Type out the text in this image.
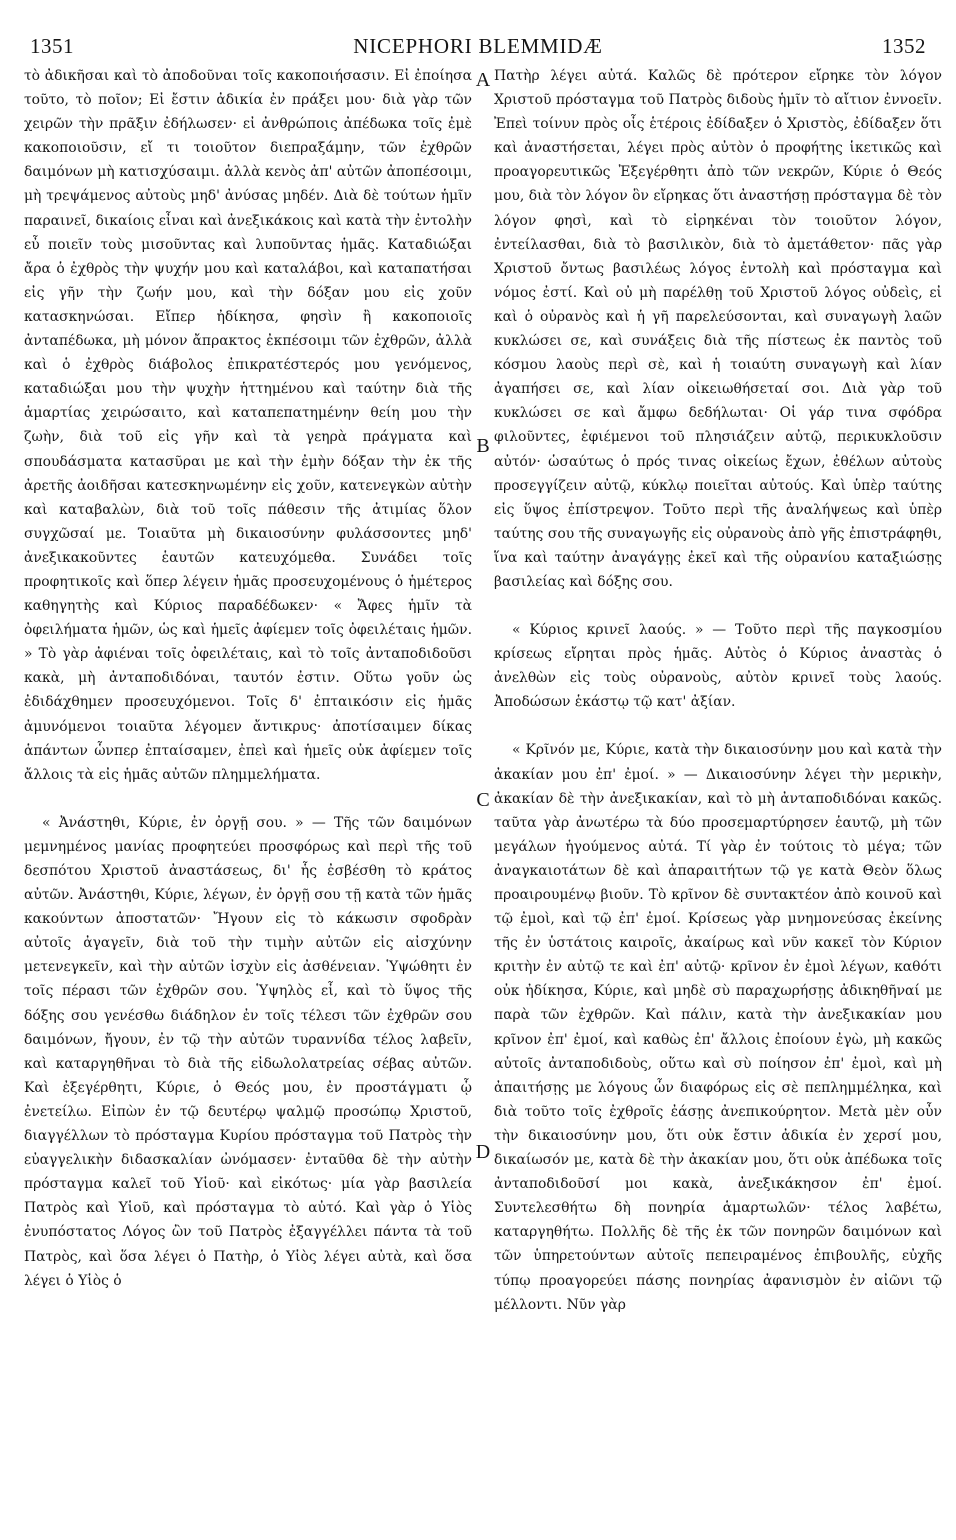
1351	NICEPHORI BLEMMIDÆ	1352

τὸ ἀδικῆσαι καὶ τὸ ἀποδοῦναι τοῖς κακοποιήσασιν. Εἰ ἐποίησα τοῦτο, τὸ ποῖον; Εἰ ἔστιν ἀδικία ἐν πράξει μου· διὰ γὰρ τῶν χειρῶν τὴν πρᾶξιν ἐδήλωσεν· εἰ ἀνθρώποις ἀπέδωκα τοῖς ἐμὲ κακοποιοῦσιν, εἴ τι τοιοῦτον διεπραξάμην, τῶν ἐχθρῶν δαιμόνων μὴ κατισχύσαιμι. ἀλλὰ κενὸς ἀπ' αὐτῶν ἀποπέσοιμι, μὴ τρεψάμενος αὐτοὺς μηδ' ἀνύσας μηδέν. Διὰ δὲ τούτων ἡμῖν παραινεῖ, δικαίοις εἶναι καὶ ἀνεξικάκοις καὶ κατὰ τὴν ἐντολὴν εὖ ποιεῖν τοὺς μισοῦντας καὶ λυποῦντας ἡμᾶς. Καταδιώξαι ἄρα ὁ ἐχθρὸς τὴν ψυχήν μου καὶ καταλάβοι, καὶ καταπατήσαι εἰς γῆν τὴν ζωήν μου, καὶ τὴν δόξαν μου εἰς χοῦν κατασκηνώσαι. Εἴπερ ἠδίκησα, φησὶν ἢ κακοποιοῖς ἀνταπέδωκα, μὴ μόνον ἄπρακτος ἐκπέσοιμι τῶν ἐχθρῶν, ἀλλὰ καὶ ὁ ἐχθρὸς διάβολος ἐπικρατέστερός μου γενόμενος, καταδιώξαι μου τὴν ψυχὴν ἡττημένου καὶ ταύτην διὰ τῆς ἁμαρτίας χειρώσαιτο, καὶ καταπεπατημένην θείη μου τὴν ζωὴν, διὰ τοῦ εἰς γῆν καὶ τὰ γεηρὰ πράγματα καὶ σπουδάσματα κατασῦραι με καὶ τὴν ἐμὴν δόξαν τὴν ἐκ τῆς ἀρετῆς ἀοιδῆσαι κατεσκηνωμένην εἰς χοῦν, κατενεγκὼν αὐτὴν καὶ καταβαλὼν, διὰ τοῦ τοῖς πάθεσιν τῆς ἀτιμίας ὅλον συγχῶσαί με. Τοιαῦτα μὴ δικαιοσύνην φυλάσσοντες μηδ' ἀνεξικακοῦντες ἑαυτῶν κατευχόμεθα. Συνάδει τοῖς προφητικοῖς καὶ ὅπερ λέγειν ἡμᾶς προσευχομένους ὁ ἡμέτερος καθηγητὴς καὶ Κύριος παραδέδωκεν· « Ἄφες ἡμῖν τὰ ὀφειλήματα ἡμῶν, ὡς καὶ ἡμεῖς ἀφίεμεν τοῖς ὀφειλέταις ἡμῶν. » Τὸ γὰρ ἀφιέναι τοῖς ὀφειλέταις, καὶ τὸ τοῖς ἀνταποδιδοῦσι κακὰ, μὴ ἀνταποδιδόναι, ταυτόν ἐστιν. Οὕτω γοῦν ὡς ἐδιδάχθημεν προσευχόμενοι. Τοῖς δ' ἐπταικόσιν εἰς ἡμᾶς ἀμυνόμενοι τοιαῦτα λέγομεν ἄντικρυς· ἀποτίσαιμεν δίκας ἁπάντων ὧνπερ ἐπταίσαμεν, ἐπεὶ καὶ ἡμεῖς οὐκ ἀφίεμεν τοῖς ἄλλοις τὰ εἰς ἡμᾶς αὐτῶν πλημμελήματα.

« Ἀνάστηθι, Κύριε, ἐν ὀργῇ σου. » — Τῆς τῶν δαιμόνων μεμνημένος μανίας προφητεύει προσφόρως καὶ περὶ τῆς τοῦ δεσπότου Χριστοῦ ἀναστάσεως, δι' ἧς ἐσβέσθη τὸ κράτος αὐτῶν. Ἀνάστηθι, Κύριε, λέγων, ἐν ὀργῇ σου τῇ κατὰ τῶν ἡμᾶς κακούντων ἀποστατῶν· Ἤγουν εἰς τὸ κάκωσιν σφοδρὰν αὐτοῖς ἀγαγεῖν, διὰ τοῦ τὴν τιμὴν αὐτῶν εἰς αἰσχύνην μετενεγκεῖν, καὶ τὴν αὐτῶν ἰσχὺν εἰς ἀσθένειαν. Ὑψώθητι ἐν τοῖς πέρασι τῶν ἐχθρῶν σου. Ὑψηλὸς εἶ, καὶ τὸ ὕψος τῆς δόξης σου γενέσθω διάδηλον ἐν τοῖς τέλεσι τῶν ἐχθρῶν σου δαιμόνων, ἤγουν, ἐν τῷ τὴν αὐτῶν τυραννίδα τέλος λαβεῖν, καὶ καταργηθῆναι τὸ διὰ τῆς εἰδωλολατρείας σέβας αὐτῶν. Καὶ ἐξεγέρθητι, Κύριε, ὁ Θεός μου, ἐν προστάγματι ᾧ ἐνετείλω. Εἰπὼν ἐν τῷ δευτέρῳ ψαλμῷ προσώπῳ Χριστοῦ, διαγγέλλων τὸ πρόσταγμα Κυρίου πρόσταγμα τοῦ Πατρὸς τὴν εὐαγγελικὴν διδασκαλίαν ὠνόμασεν· ἐνταῦθα δὲ τὴν αὐτὴν πρόσταγμα καλεῖ τοῦ Υἱοῦ· καὶ εἰκότως· μία γὰρ βασιλεία Πατρὸς καὶ Υἱοῦ, καὶ πρόσταγμα τὸ αὐτό. Καὶ γὰρ ὁ Υἱὸς ἐνυπόστατος Λόγος ὢν τοῦ Πατρὸς ἐξαγγέλλει πάντα τὰ τοῦ Πατρὸς, καὶ ὅσα λέγει ὁ Πατὴρ, ὁ Υἱὸς λέγει αὐτὰ, καὶ ὅσα λέγει ὁ Υἱὸς ὁ

A
B
C
D

Πατὴρ λέγει αὐτά. Καλῶς δὲ πρότερον εἴρηκε τὸν λόγον Χριστοῦ πρόσταγμα τοῦ Πατρὸς διδοὺς ἡμῖν τὸ αἴτιον ἐννοεῖν. Ἐπεὶ τοίνυν πρὸς οἷς ἑτέροις ἐδίδαξεν ὁ Χριστὸς, ἐδίδαξεν ὅτι καὶ ἀναστήσεται, λέγει πρὸς αὐτὸν ὁ προφήτης ἱκετικῶς καὶ προαγορευτικῶς Ἐξεγέρθητι ἀπὸ τῶν νεκρῶν, Κύριε ὁ Θεός μου, διὰ τὸν λόγον ὃν εἴρηκας ὅτι ἀναστήσῃ πρόσταγμα δὲ τὸν λόγον φησὶ, καὶ τὸ εἰρηκέναι τὸν τοιοῦτον λόγον, ἐντείλασθαι, διὰ τὸ βασιλικὸν, διὰ τὸ ἀμετάθετον· πᾶς γὰρ Χριστοῦ ὄντως βασιλέως λόγος ἐντολὴ καὶ πρόσταγμα καὶ νόμος ἐστί. Καὶ οὐ μὴ παρέλθῃ τοῦ Χριστοῦ λόγος οὐδεὶς, εἰ καὶ ὁ οὐρανὸς καὶ ἡ γῆ παρελεύσονται, καὶ συναγωγὴ λαῶν κυκλώσει σε, καὶ συνάξεις διὰ τῆς πίστεως ἐκ παντὸς τοῦ κόσμου λαοὺς περὶ σὲ, καὶ ἡ τοιαύτη συναγωγὴ καὶ λίαν ἀγαπήσει σε, καὶ λίαν οἰκειωθήσεταί σοι. Διὰ γὰρ τοῦ κυκλώσει σε καὶ ἄμφω δεδήλωται· Οἱ γάρ τινα σφόδρα φιλοῦντες, ἐφιέμενοι τοῦ πλησιάζειν αὐτῷ, περικυκλοῦσιν αὐτόν· ὡσαύτως ὁ πρός τινας οἰκείως ἔχων, ἐθέλων αὐτοὺς προσεγγίζειν αὐτῷ, κύκλῳ ποιεῖται αὐτούς. Καὶ ὑπὲρ ταύτης εἰς ὕψος ἐπίστρεψον. Τοῦτο περὶ τῆς ἀναλήψεως καὶ ὑπὲρ ταύτης σου τῆς συναγωγῆς εἰς οὐρανοὺς ἀπὸ γῆς ἐπιστράφηθι, ἵνα καὶ ταύτην ἀναγάγῃς ἐκεῖ καὶ τῆς οὐρανίου καταξιώσῃς βασιλείας καὶ δόξης σου.

« Κύριος κρινεῖ λαούς. » — Τοῦτο περὶ τῆς παγκοσμίου κρίσεως εἴρηται πρὸς ἡμᾶς. Αὐτὸς ὁ Κύριος ἀναστὰς ὁ ἀνελθὼν εἰς τοὺς οὐρανοὺς, αὐτὸν κρινεῖ τοὺς λαούς. Ἀποδώσων ἑκάστῳ τῷ κατ' ἀξίαν.

« Κρῖνόν με, Κύριε, κατὰ τὴν δικαιοσύνην μου καὶ κατὰ τὴν ἀκακίαν μου ἐπ' ἐμοί. » — Δικαιοσύνην λέγει τὴν μερικὴν, ἀκακίαν δὲ τὴν ἀνεξικακίαν, καὶ τὸ μὴ ἀνταποδιδόναι κακῶς. ταῦτα γὰρ ἀνωτέρω τὰ δύο προσεμαρτύρησεν ἑαυτῷ, μὴ τῶν μεγάλων ἡγούμενος αὐτά. Τί γὰρ ἐν τούτοις τὸ μέγα; τῶν ἀναγκαιοτάτων δὲ καὶ ἀπαραιτήτων τῷ γε κατὰ Θεὸν ὅλως προαιρουμένῳ βιοῦν. Τὸ κρῖνον δὲ συντακτέον ἀπὸ κοινοῦ καὶ τῷ ἐμοὶ, καὶ τῷ ἐπ' ἐμοί. Κρίσεως γὰρ μνημονεύσας ἐκείνης τῆς ἐν ὑστάτοις καιροῖς, ἀκαίρως καὶ νῦν κακεῖ τὸν Κύριον κριτὴν ἐν αὐτῷ τε καὶ ἐπ' αὐτῷ· κρῖνον ἐν ἐμοὶ λέγων, καθότι οὐκ ἠδίκησα, Κύριε, καὶ μηδὲ σὺ παραχωρήσῃς ἀδικηθῆναί με παρὰ τῶν ἐχθρῶν. Καὶ πάλιν, κατὰ τὴν ἀνεξικακίαν μου κρῖνον ἐπ' ἐμοί, καὶ καθὼς ἐπ' ἄλλοις ἐποίουν ἐγὼ, μὴ κακῶς αὐτοῖς ἀνταποδιδοὺς, οὕτω καὶ σὺ ποίησον ἐπ' ἐμοὶ, καὶ μὴ ἀπαιτήσῃς με λόγους ὧν διαφόρως εἰς σὲ πεπλημμέληκα, καὶ διὰ τοῦτο τοῖς ἐχθροῖς ἐάσῃς ἀνεπικούρητον. Μετὰ μὲν οὖν τὴν δικαιοσύνην μου, ὅτι οὐκ ἔστιν ἀδικία ἐν χερσί μου, δικαίωσόν με, κατὰ δὲ τὴν ἀκακίαν μου, ὅτι οὐκ ἀπέδωκα τοῖς ἀνταποδιδοῦσί μοι κακὰ, ἀνεξικάκησον ἐπ' ἐμοί. Συντελεσθήτω δὴ πονηρία ἁμαρτωλῶν· τέλος λαβέτω, καταργηθήτω. Πολλῆς δὲ τῆς ἐκ τῶν πονηρῶν δαιμόνων καὶ τῶν ὑπηρετούντων αὐτοῖς πεπειραμένος ἐπιβουλῆς, εὐχῆς τύπῳ προαγορεύει πάσης πονηρίας ἀφανισμὸν ἐν αἰῶνι τῷ μέλλοντι. Νῦν γὰρ
